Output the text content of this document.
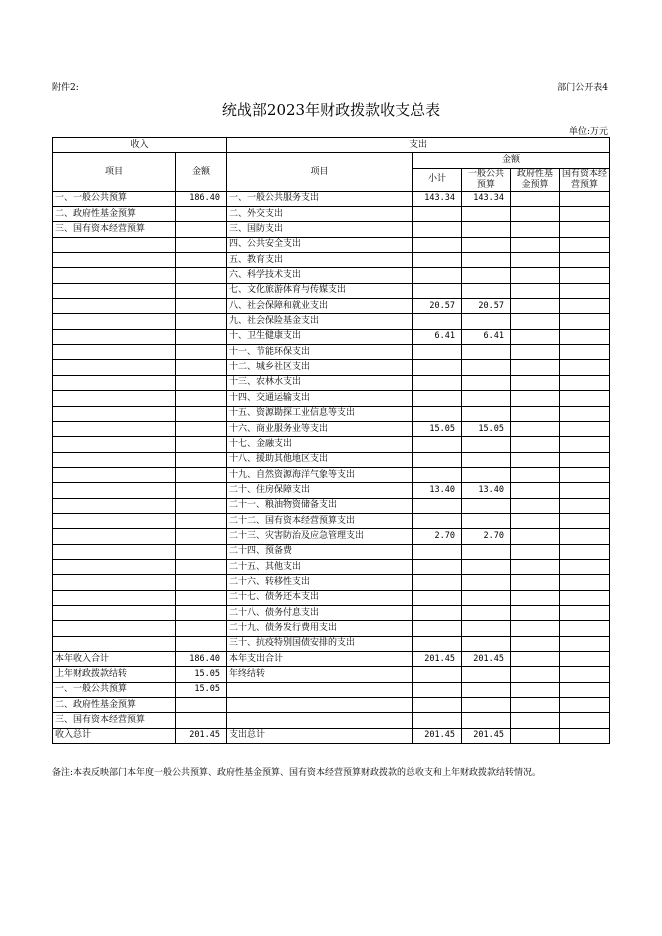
附件2:	部门公开表4
统战部2023年财政拨款收支总表
单位:万元
收入		支出				
项目	金额	项目	金额			
			小计	一般公共预算	政府性基金预算	国有资本经营预算

一、一般公共预算	186.40	一、一般公共服务支出	143.34	143.34		
二、政府性基金预算		二、外交支出				
三、国有资本经营预算		三、国防支出				
		四、公共安全支出				
		五、教育支出				
		六、科学技术支出				
		七、文化旅游体育与传媒支出				
		八、社会保障和就业支出	20.57	20.57		
		九、社会保险基金支出				
		十、卫生健康支出	6.41	6.41		
		十一、节能环保支出				
		十二、城乡社区支出				
		十三、农林水支出				
		十四、交通运输支出				
		十五、资源勘探工业信息等支出				
		十六、商业服务业等支出	15.05	15.05		
		十七、金融支出				
		十八、援助其他地区支出				
		十九、自然资源海洋气象等支出				
		二十、住房保障支出	13.40	13.40		
		二十一、粮油物资储备支出				
		二十二、国有资本经营预算支出				
		二十三、灾害防治及应急管理支出	2.70	2.70		
		二十四、预备费				
		二十五、其他支出				
		二十六、转移性支出				
		二十七、债务还本支出				
		二十八、债务付息支出				
		二十九、债务发行费用支出				
		三十、抗疫特别国债安排的支出				
本年收入合计	186.40	本年支出合计	201.45	201.45		
上年财政拨款结转	15.05	年终结转				
一、一般公共预算	15.05					
二、政府性基金预算						
三、国有资本经营预算						
收入总计	201.45	支出总计	201.45	201.45		
备注:本表反映部门本年度一般公共预算、政府性基金预算、国有资本经营预算财政拨款的总收支和上年财政拨款结转情况。
